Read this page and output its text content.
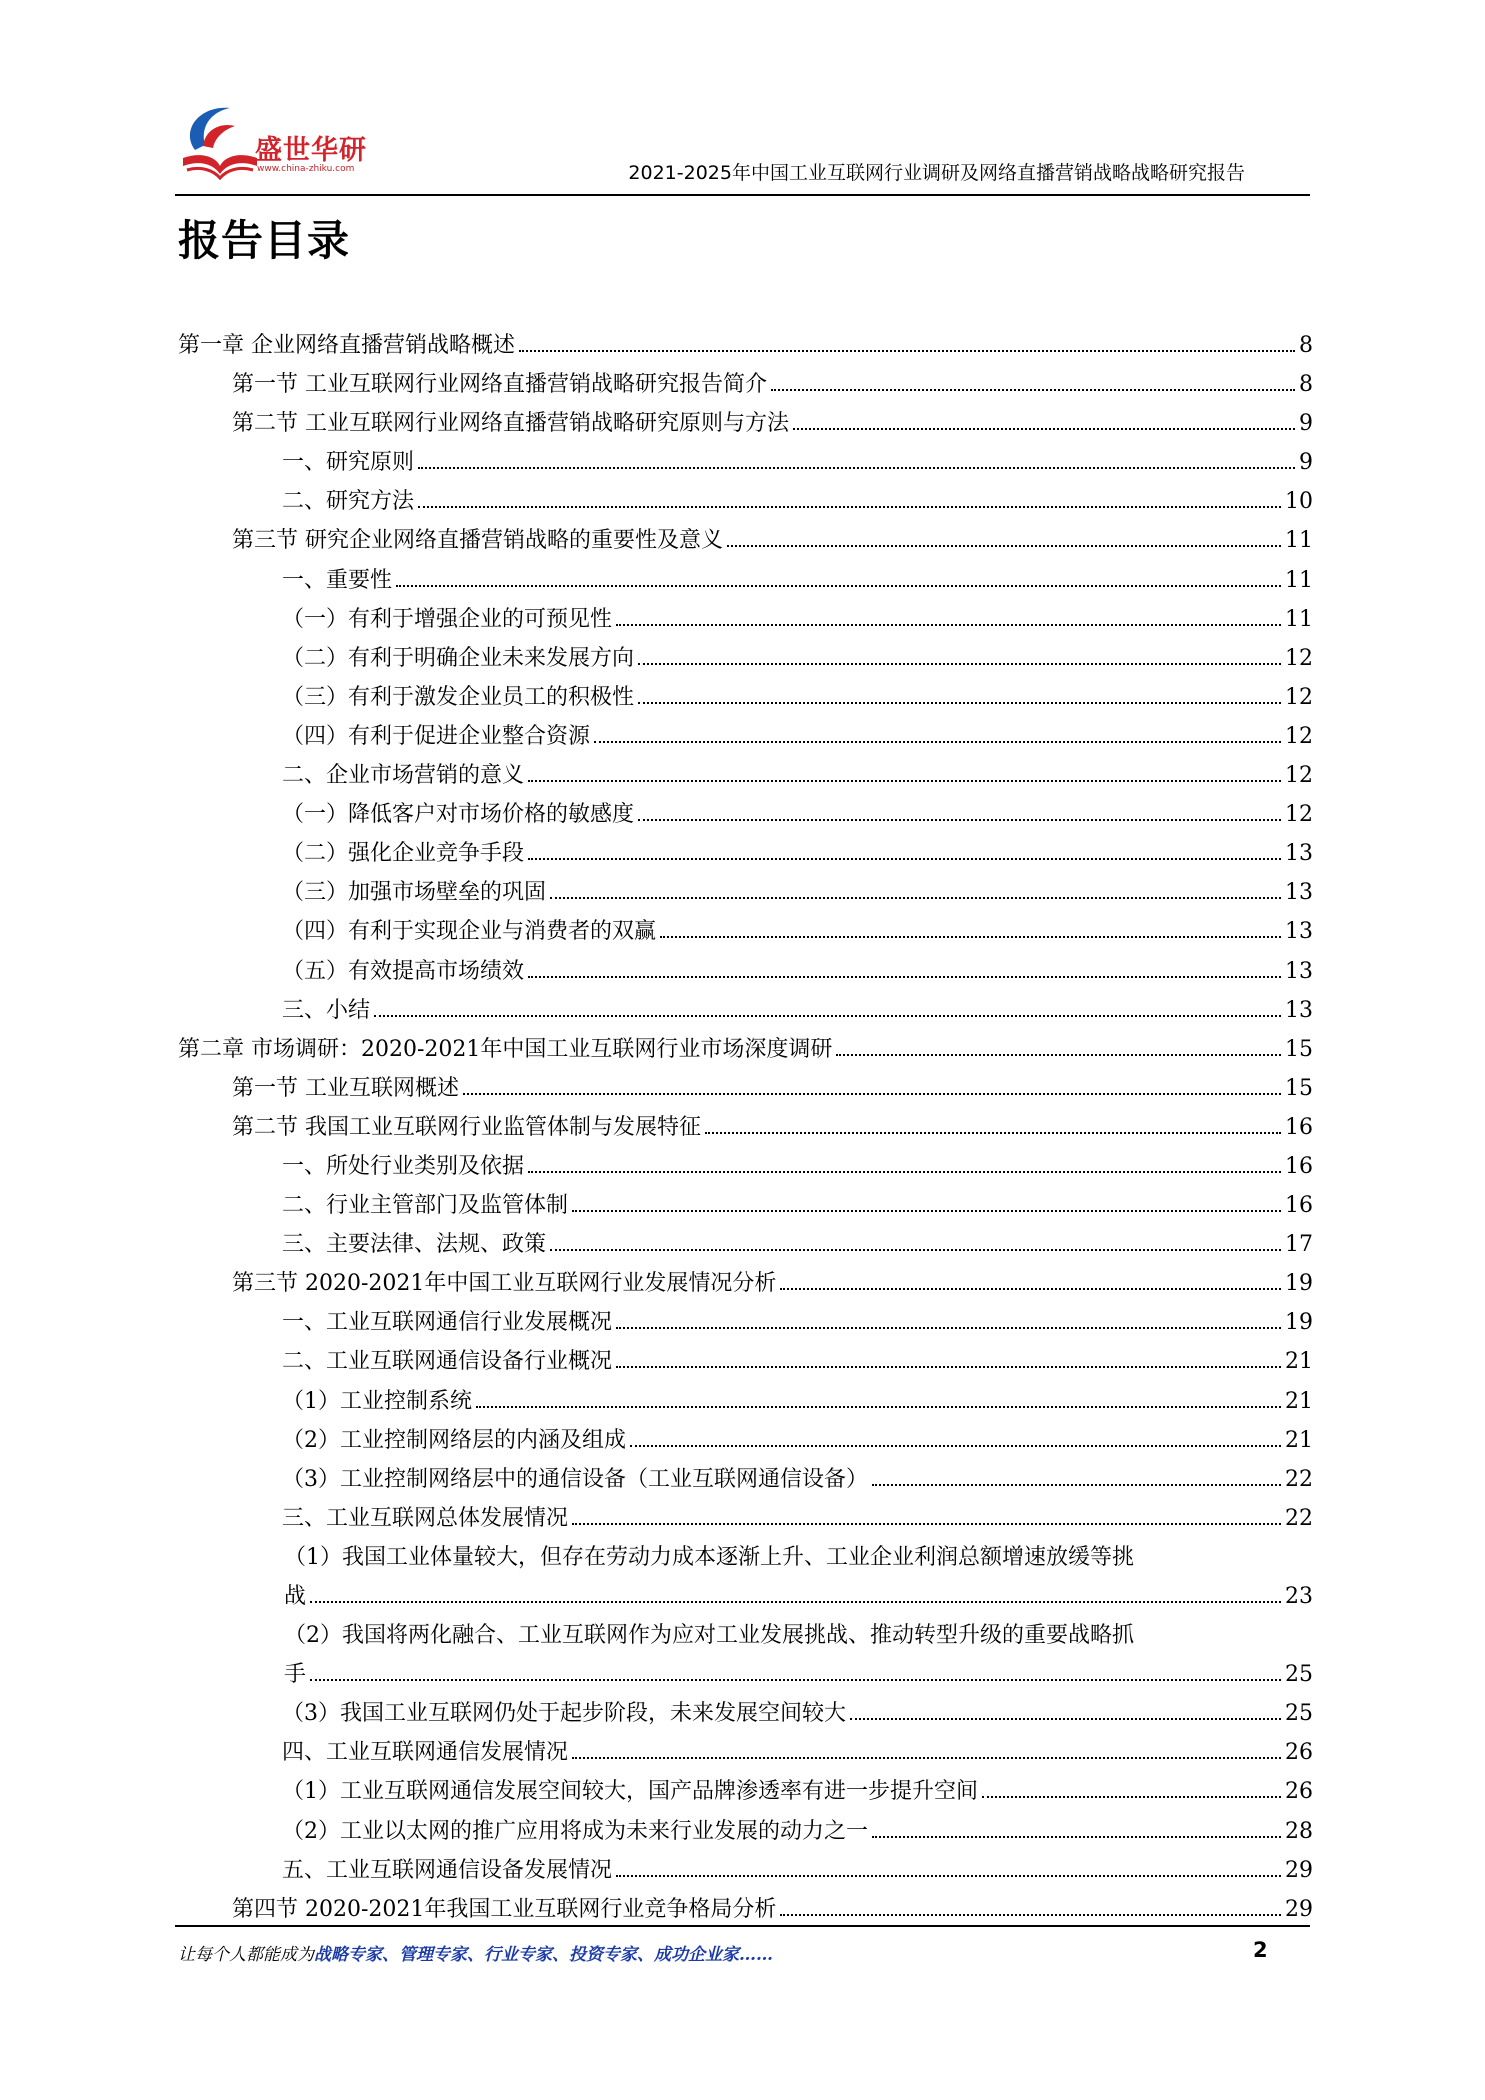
盛世华研
www.china-zhiku.com	2021-2025年中国工业互联网行业调研及网络直播营销战略战略研究报告
报告目录
第一章 企业网络直播营销战略概述	8
第一节 工业互联网行业网络直播营销战略研究报告简介	8
第二节 工业互联网行业网络直播营销战略研究原则与方法	9
一、研究原则	9
二、研究方法	10
第三节 研究企业网络直播营销战略的重要性及意义	11
一、重要性	11
（一）有利于增强企业的可预见性	11
（二）有利于明确企业未来发展方向	12
（三）有利于激发企业员工的积极性	12
（四）有利于促进企业整合资源	12
二、企业市场营销的意义	12
（一）降低客户对市场价格的敏感度	12
（二）强化企业竞争手段	13
（三）加强市场壁垒的巩固	13
（四）有利于实现企业与消费者的双赢	13
（五）有效提高市场绩效	13
三、小结	13
第二章 市场调研：2020-2021年中国工业互联网行业市场深度调研	15
第一节 工业互联网概述	15
第二节 我国工业互联网行业监管体制与发展特征	16
一、所处行业类别及依据	16
二、行业主管部门及监管体制	16
三、主要法律、法规、政策	17
第三节 2020-2021年中国工业互联网行业发展情况分析	19
一、工业互联网通信行业发展概况	19
二、工业互联网通信设备行业概况	21
（1）工业控制系统	21
（2）工业控制网络层的内涵及组成	21
（3）工业控制网络层中的通信设备（工业互联网通信设备）	22
三、工业互联网总体发展情况	22
（1）我国工业体量较大，但存在劳动力成本逐渐上升、工业企业利润总额增速放缓等挑
战	23
（2）我国将两化融合、工业互联网作为应对工业发展挑战、推动转型升级的重要战略抓
手	25
（3）我国工业互联网仍处于起步阶段，未来发展空间较大	25
四、工业互联网通信发展情况	26
（1）工业互联网通信发展空间较大，国产品牌渗透率有进一步提升空间	26
（2）工业以太网的推广应用将成为未来行业发展的动力之一	28
五、工业互联网通信设备发展情况	29
第四节 2020-2021年我国工业互联网行业竞争格局分析	29
让每个人都能成为战略专家、管理专家、行业专家、投资专家、成功企业家……	2
